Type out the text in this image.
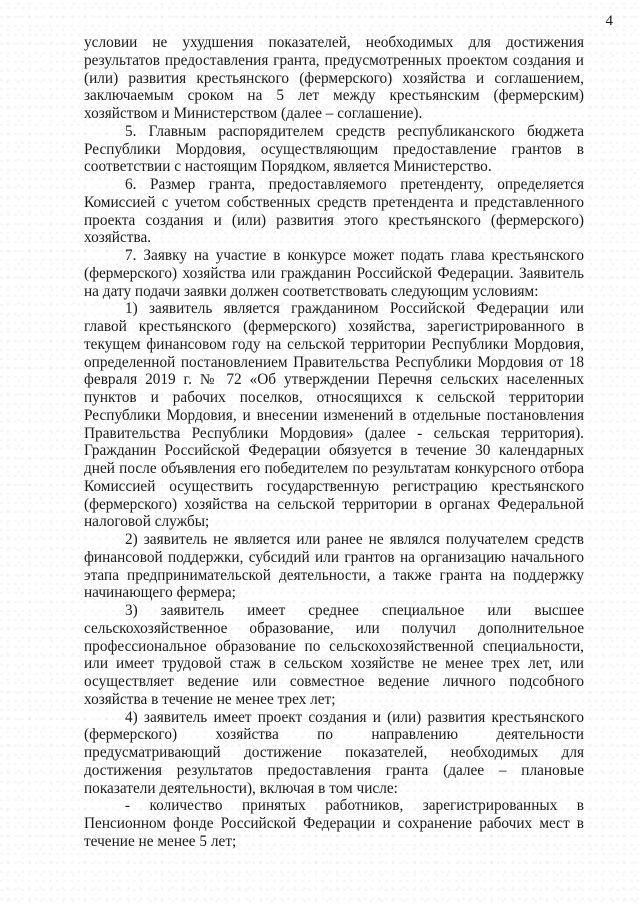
4

условии не ухудшения показателей, необходимых для достижения результатов предоставления гранта, предусмотренных проектом создания и (или) развития крестьянского (фермерского) хозяйства и соглашением, заключаемым сроком на 5 лет между крестьянским (фермерским) хозяйством и Министерством (далее – соглашение).

5. Главным распорядителем средств республиканского бюджета Республики Мордовия, осуществляющим предоставление грантов в соответствии с настоящим Порядком, является Министерство.

6. Размер гранта, предоставляемого претенденту, определяется Комиссией с учетом собственных средств претендента и представленного проекта создания и (или) развития этого крестьянского (фермерского) хозяйства.

7. Заявку на участие в конкурсе может подать глава крестьянского (фермерского) хозяйства или гражданин Российской Федерации. Заявитель на дату подачи заявки должен соответствовать следующим условиям:

1) заявитель является гражданином Российской Федерации или главой крестьянского (фермерского) хозяйства, зарегистрированного в текущем финансовом году на сельской территории Республики Мордовия, определенной постановлением Правительства Республики Мордовия от 18 февраля 2019 г. № 72 «Об утверждении Перечня сельских населенных пунктов и рабочих поселков, относящихся к сельской территории Республики Мордовия, и внесении изменений в отдельные постановления Правительства Республики Мордовия» (далее - сельская территория). Гражданин Российской Федерации обязуется в течение 30 календарных дней после объявления его победителем по результатам конкурсного отбора Комиссией осуществить государственную регистрацию крестьянского (фермерского) хозяйства на сельской территории в органах Федеральной налоговой службы;

2) заявитель не является или ранее не являлся получателем средств финансовой поддержки, субсидий или грантов на организацию начального этапа предпринимательской деятельности, а также гранта на поддержку начинающего фермера;

3) заявитель имеет среднее специальное или высшее сельскохозяйственное образование, или получил дополнительное профессиональное образование по сельскохозяйственной специальности, или имеет трудовой стаж в сельском хозяйстве не менее трех лет, или осуществляет ведение или совместное ведение личного подсобного хозяйства в течение не менее трех лет;

4) заявитель имеет проект создания и (или) развития крестьянского (фермерского) хозяйства по направлению деятельности предусматривающий достижение показателей, необходимых для достижения результатов предоставления гранта (далее – плановые показатели деятельности), включая в том числе:

- количество принятых работников, зарегистрированных в Пенсионном фонде Российской Федерации и сохранение рабочих мест в течение не менее 5 лет;
